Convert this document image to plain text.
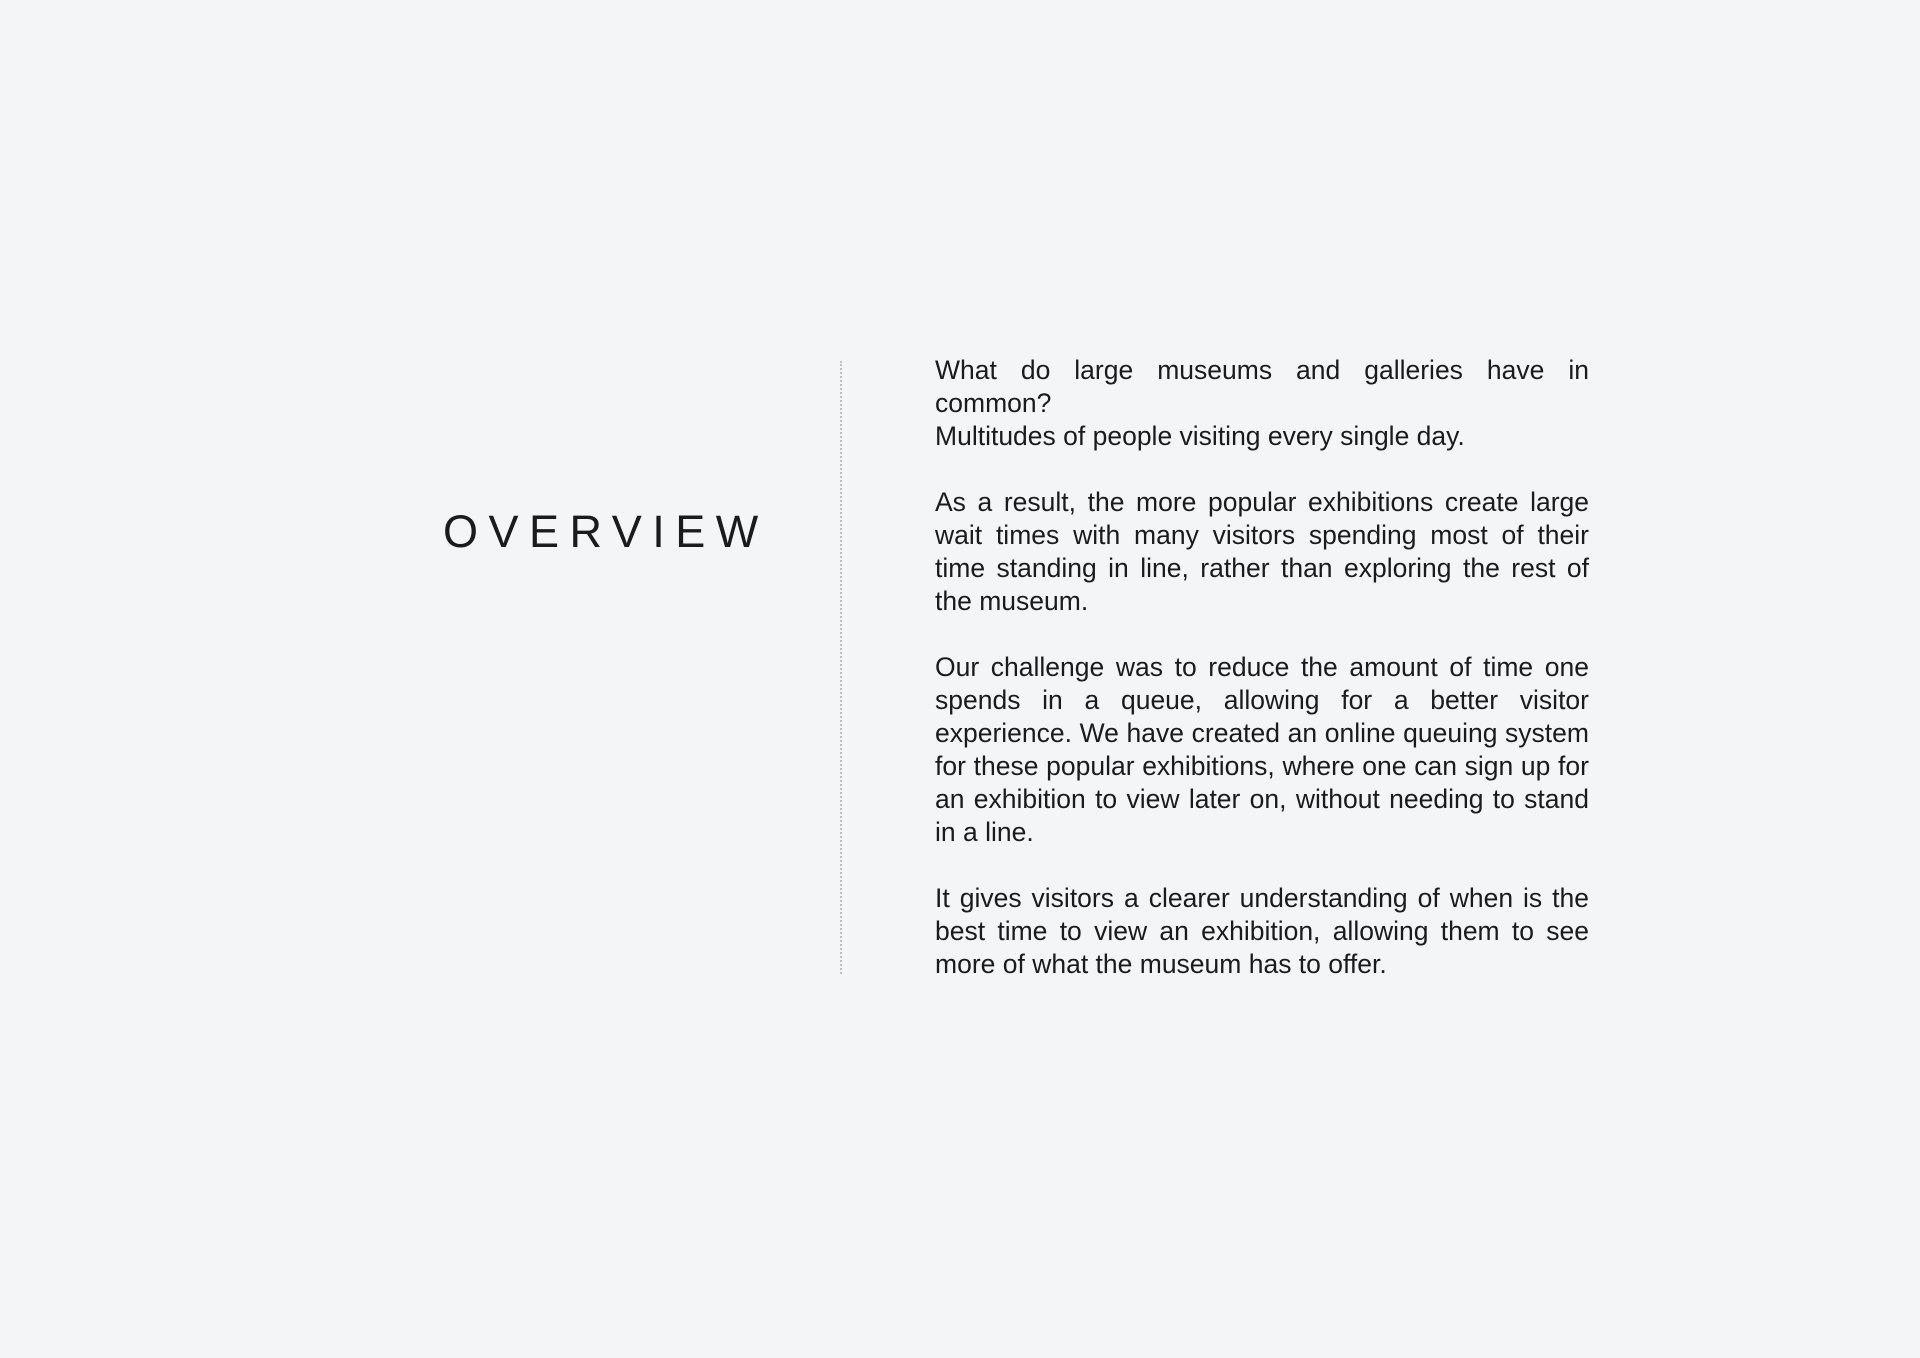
OVERVIEW

What do large museums and galleries have in common?
Multitudes of people visiting every single day.

As a result, the more popular exhibitions create large wait times with many visitors spending most of their time standing in line, rather than exploring the rest of the museum.

Our challenge was to reduce the amount of time one spends in a queue, allowing for a better visitor experience. We have created an online queuing system for these popular exhibitions, where one can sign up for an exhibition to view later on, without needing to stand in a line.

It gives visitors a clearer understanding of when is the best time to view an exhibition, allowing them to see more of what the museum has to offer.
